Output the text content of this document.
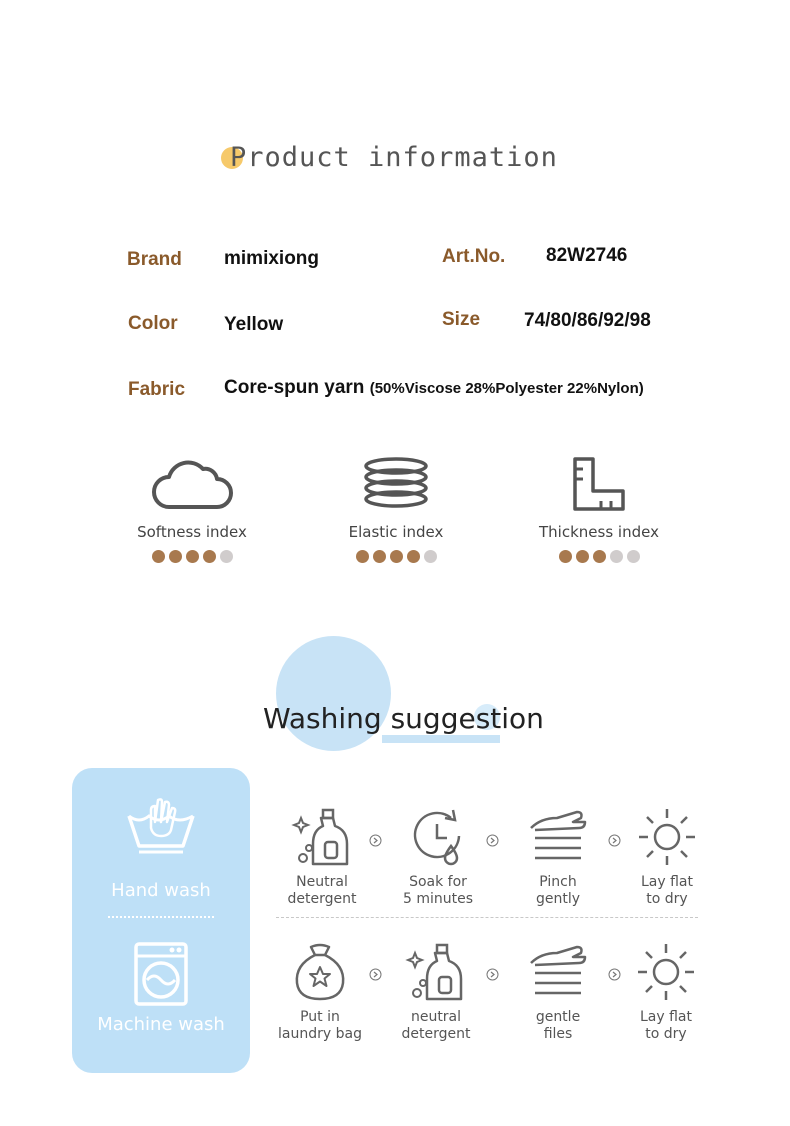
Product information
Brand mimixiong	Art.No. 82W2746
Color Yellow	Size 74/80/86/92/98
Fabric Core-spun yarn (50%Viscose 28%Polyester 22%Nylon)
Softness index	Elastic index	Thickness index
Washing suggestion
Hand wash
Machine wash
Neutral
detergent
Soak for
5 minutes
Pinch
gently
Lay flat
to dry
Put in
laundry bag
neutral
detergent
gentle
files
Lay flat
to dry
